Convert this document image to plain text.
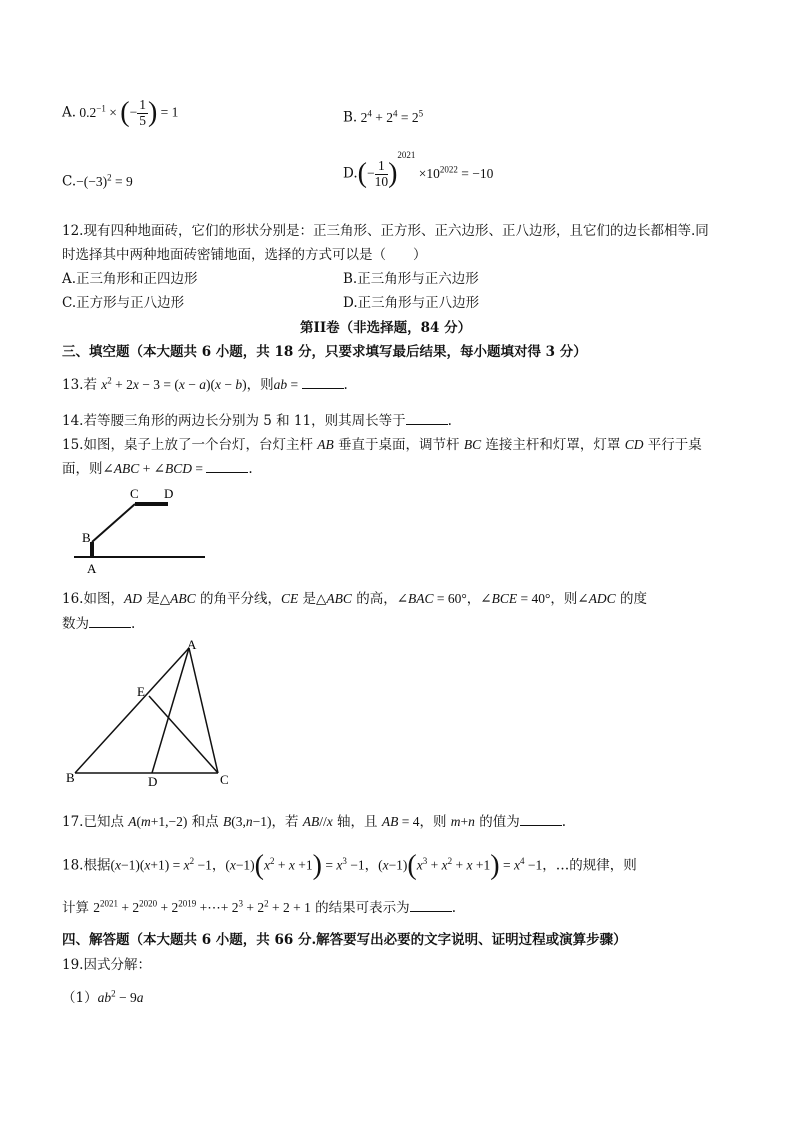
A. $0.2^{-1}$ × (− $\frac{1}{5}$ ) = 1	B. $2^4 + 2^4 = 2^5$
$C.-(-3)^2 = 9$	$D.(- \frac{1}{10} )^{2021} \times 10^{2022} = -10$
12.现有四种地面砖，它们的形状分别是：正三角形、正方形、正六边形、正八边形，且它们的边长都相等.同
时选择其中两种地面砖密铺地面，选择的方式可以是（　　）
A.正三角形和正四边形	B.正三角形与正六边形
C.正方形与正八边形	D.正三角形与正八边形
第II卷（非选择题，84 分）
三、填空题（本大题共 6 小题，共 18 分，只要求填写最后结果，每小题填对得 3 分）
13.若 $x^2 + 2x - 3 = (x - a)(x - b)$，则ab =	.
14.若等腰三角形的两边长分别为 5 和 11，则其周长等于	.
15.如图，桌子上放了一个台灯，台灯主杆 AB 垂直于桌面，调节杆 BC 连接主杆和灯罩，灯罩 CD 平行于桌
面，则∠ABC + ∠BCD =	.
C D
B
A
16.如图，AD 是△ABC 的角平分线，CE 是△ABC 的高，∠BAC = 60°，∠BCE = 40°，则∠ADC 的度
数为	.
A
E
B	D	C
17.已知点 A(m+1,−2) 和点 B(3,n−1)，若 AB//x 轴，且 AB = 4，则 m+n 的值为	.
18.根据$(x-1)(x+1) = x^2 -1$，$(x-1)(x^2 + x +1) = x^3 -1$，$(x-1)(x^3 + x^2 + x +1) = x^4 -1$，…的规律，则
计算 $2^{2021} + 2^{2020} + 2^{2019}$ +⋯+ $2^3 + 2^2 + 2 + 1$ 的结果可表示为	.
四、解答题（本大题共 6 小题，共 66 分.解答要写出必要的文字说明、证明过程或演算步骤）
19.因式分解：
$(1)ab^2 - 9a$
